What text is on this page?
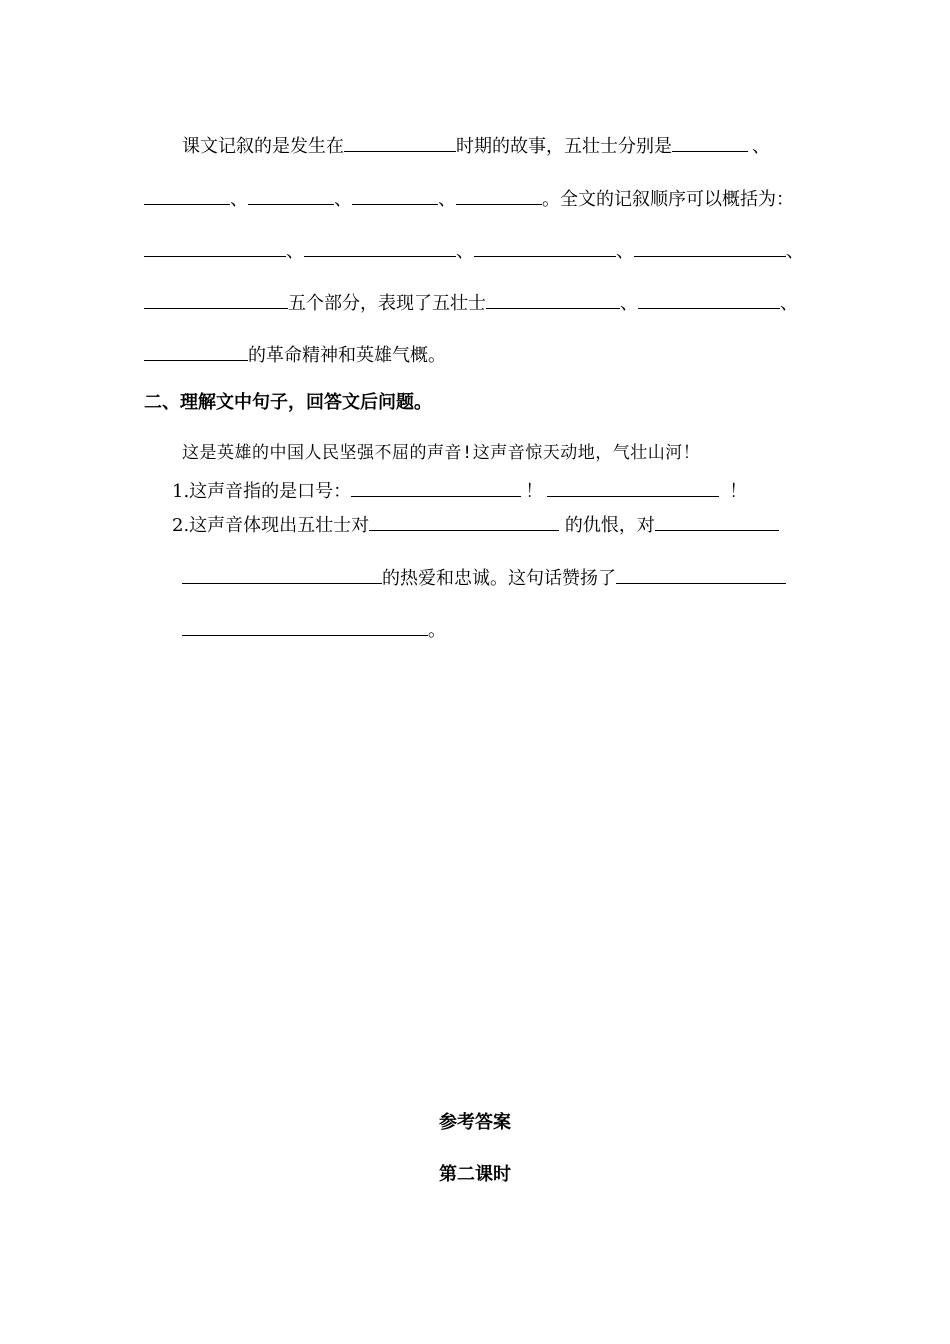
课文记叙的是发生在	时期的故事，五壮士分别是	、
、	、	、	。全文的记叙顺序可以概括为：
、	、	、	、
五个部分，表现了五壮士	、	、
的革命精神和英雄气概。
二、理解文中句子，回答文后问题。
这是英雄的中国人民坚强不屈的声音!这声音惊天动地，气壮山河！
1.这声音指的是口号：	！	！
2.这声音体现出五壮士对	的仇恨，对
的热爱和忠诚。这句话赞扬了
。
参考答案
第二课时
